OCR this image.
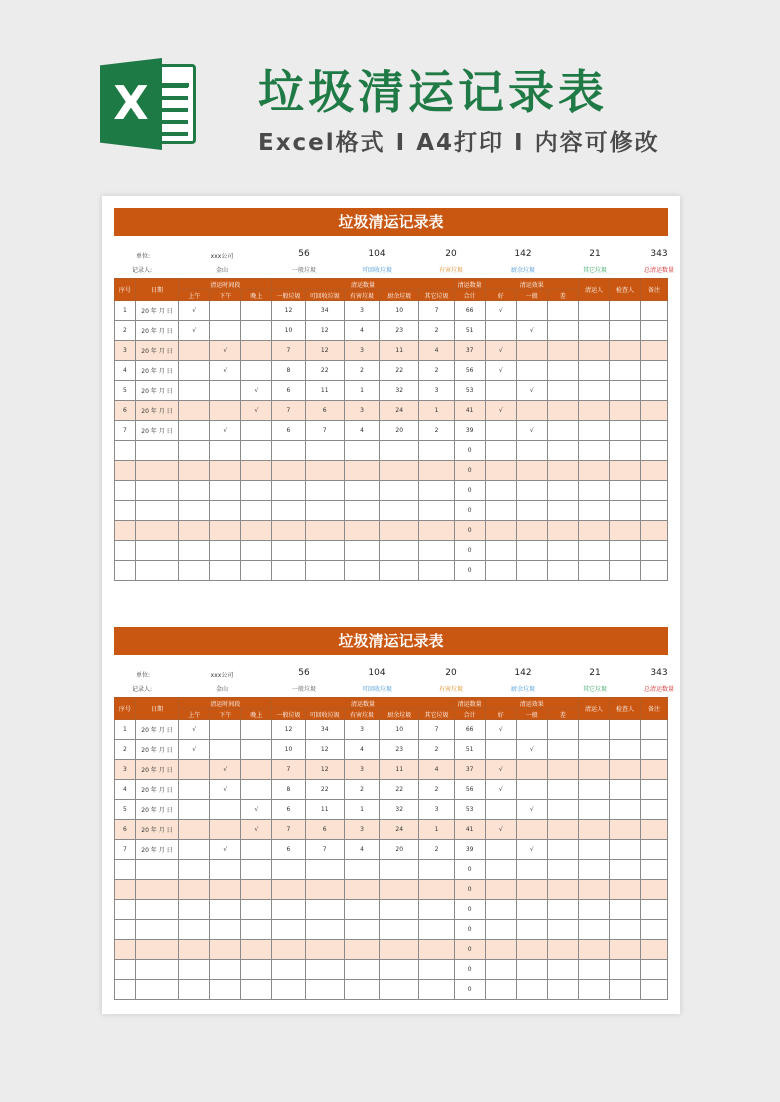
X 垃圾清运记录表
Excel格式 I A4打印 I 内容可修改
垃圾清运记录表
单位:	xxx公司
记录人:	金山
56
一般垃圾
104
可回收垃圾
20
有害垃圾
142
厨余垃圾
21
其它垃圾
343
总清运数量
序号	日期	清运时间段			清运数量					清运数量	清运效果			清运人	检查人	备注
		上午	下午	晚上	一般垃圾	可回收垃圾	有害垃圾	厨余垃圾	其它垃圾	合计	好	一般	差			
1	20 年 月 日	√			12	34	3	10	7	66	√					
2	20 年 月 日	√			10	12	4	23	2	51		√				
3	20 年 月 日		√		7	12	3	11	4	37	√					
4	20 年 月 日		√		8	22	2	22	2	56	√					
5	20 年 月 日			√	6	11	1	32	3	53		√				
6	20 年 月 日			√	7	6	3	24	1	41	√					
7	20 年 月 日		√		6	7	4	20	2	39		√				
										0						
										0						
										0						
										0						
										0						
										0						
										0						
垃圾清运记录表
单位:	xxx公司
记录人:	金山
56
一般垃圾
104
可回收垃圾
20
有害垃圾
142
厨余垃圾
21
其它垃圾
343
总清运数量
序号	日期	清运时间段			清运数量					清运数量	清运效果			清运人	检查人	备注
		上午	下午	晚上	一般垃圾	可回收垃圾	有害垃圾	厨余垃圾	其它垃圾	合计	好	一般	差			
1	20 年 月 日	√			12	34	3	10	7	66	√					
2	20 年 月 日	√			10	12	4	23	2	51		√				
3	20 年 月 日		√		7	12	3	11	4	37	√					
4	20 年 月 日		√		8	22	2	22	2	56	√					
5	20 年 月 日			√	6	11	1	32	3	53		√				
6	20 年 月 日			√	7	6	3	24	1	41	√					
7	20 年 月 日		√		6	7	4	20	2	39		√				
										0						
										0						
										0						
										0						
										0						
										0						
										0						
